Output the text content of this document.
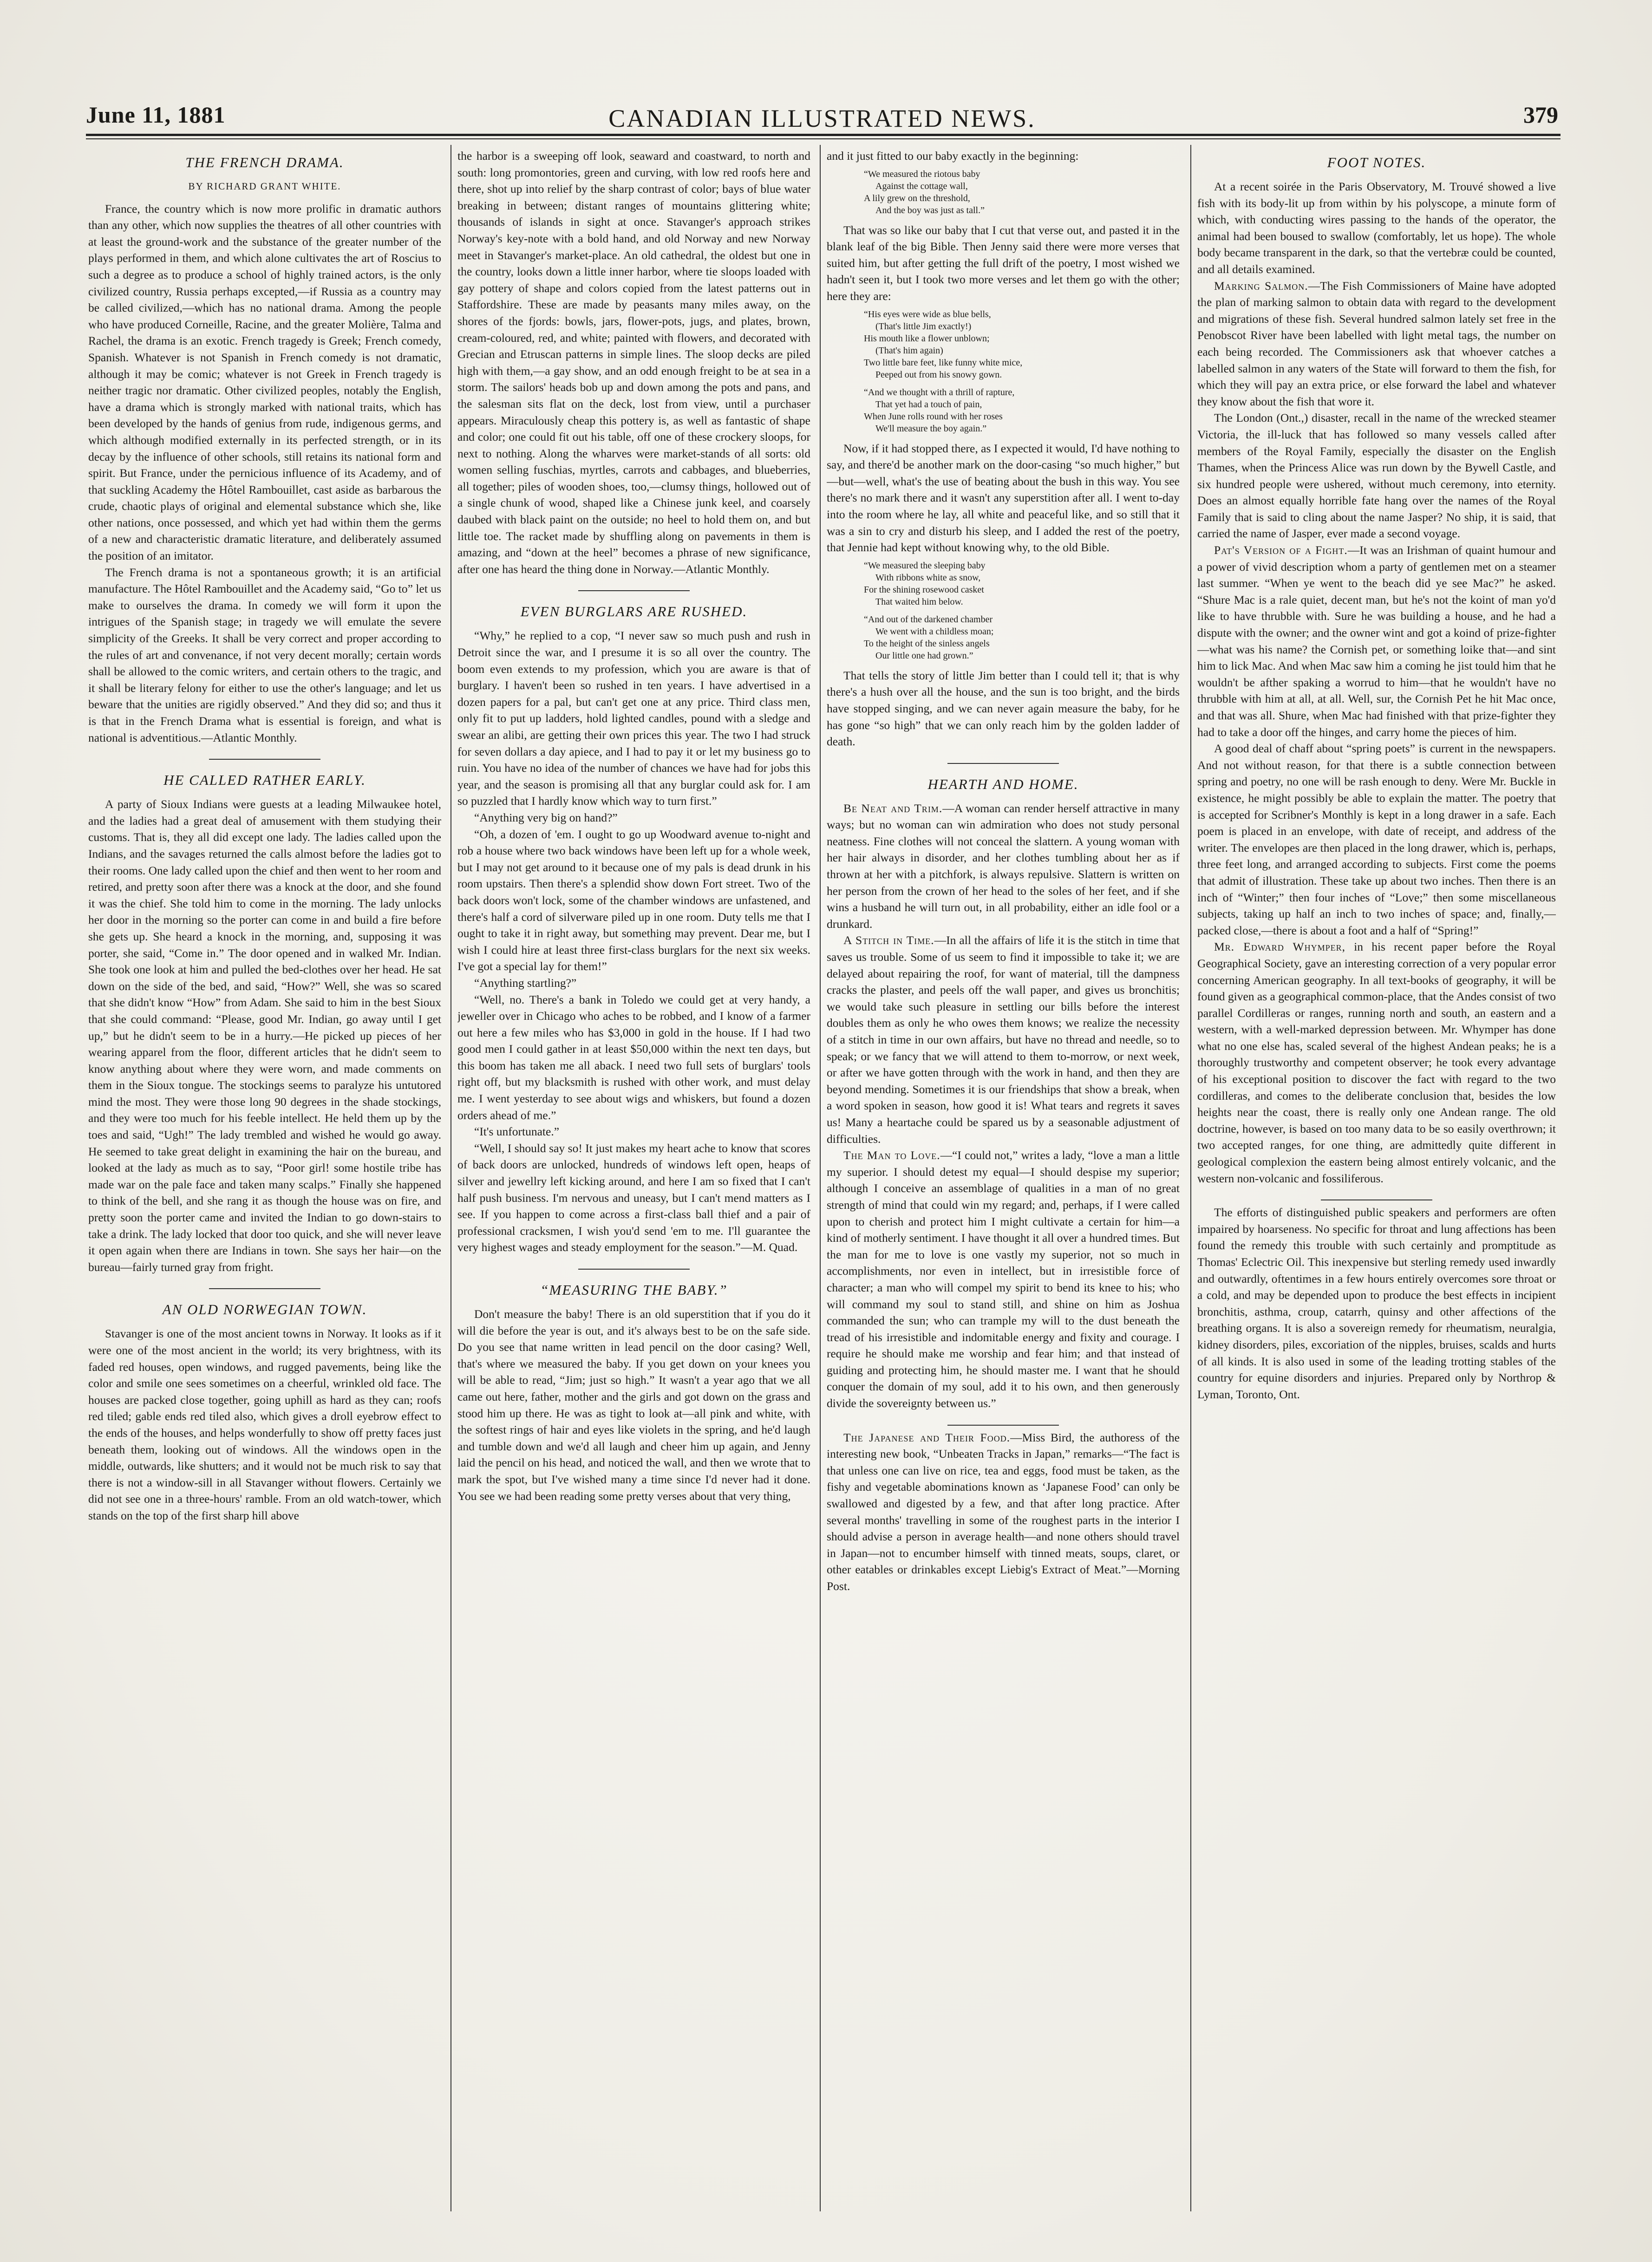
June 11, 1881	CANADIAN ILLUSTRATED NEWS.	379
THE FRENCH DRAMA.

BY RICHARD GRANT WHITE.

France, the country which is now more prolific in dramatic authors than any other, which now supplies the theatres of all other countries with at least the ground-work and the substance of the greater number of the plays performed in them, and which alone cultivates the art of Roscius to such a degree as to produce a school of highly trained actors, is the only civilized country, Russia perhaps excepted,—if Russia as a country may be called civilized,—which has no national drama. Among the people who have produced Corneille, Racine, and the greater Molière, Talma and Rachel, the drama is an exotic. French tragedy is Greek; French comedy, Spanish. Whatever is not Spanish in French comedy is not dramatic, although it may be comic; whatever is not Greek in French tragedy is neither tragic nor dramatic. Other civilized peoples, notably the English, have a drama which is strongly marked with national traits, which has been developed by the hands of genius from rude, indigenous germs, and which although modified externally in its perfected strength, or in its decay by the influence of other schools, still retains its national form and spirit. But France, under the pernicious influence of its Academy, and of that suckling Academy the Hôtel Rambouillet, cast aside as barbarous the crude, chaotic plays of original and elemental substance which she, like other nations, once possessed, and which yet had within them the germs of a new and characteristic dramatic literature, and deliberately assumed the position of an imitator.

The French drama is not a spontaneous growth; it is an artificial manufacture. The Hôtel Rambouillet and the Academy said, “Go to” let us make to ourselves the drama. In comedy we will form it upon the intrigues of the Spanish stage; in tragedy we will emulate the severe simplicity of the Greeks. It shall be very correct and proper according to the rules of art and convenance, if not very decent morally; certain words shall be allowed to the comic writers, and certain others to the tragic, and it shall be literary felony for either to use the other's language; and let us beware that the unities are rigidly observed.” And they did so; and thus it is that in the French Drama what is essential is foreign, and what is national is adventitious.—Atlantic Monthly.

HE CALLED RATHER EARLY.

A party of Sioux Indians were guests at a leading Milwaukee hotel, and the ladies had a great deal of amusement with them studying their customs. That is, they all did except one lady. The ladies called upon the Indians, and the savages returned the calls almost before the ladies got to their rooms. One lady called upon the chief and then went to her room and retired, and pretty soon after there was a knock at the door, and she found it was the chief. She told him to come in the morning. The lady unlocks her door in the morning so the porter can come in and build a fire before she gets up. She heard a knock in the morning, and, supposing it was porter, she said, “Come in.” The door opened and in walked Mr. Indian. She took one look at him and pulled the bed-clothes over her head. He sat down on the side of the bed, and said, “How?” Well, she was so scared that she didn't know “How” from Adam. She said to him in the best Sioux that she could command: “Please, good Mr. Indian, go away until I get up,” but he didn't seem to be in a hurry.—He picked up pieces of her wearing apparel from the floor, different articles that he didn't seem to know anything about where they were worn, and made comments on them in the Sioux tongue. The stockings seems to paralyze his untutored mind the most. They were those long 90 degrees in the shade stockings, and they were too much for his feeble intellect. He held them up by the toes and said, “Ugh!” The lady trembled and wished he would go away. He seemed to take great delight in examining the hair on the bureau, and looked at the lady as much as to say, “Poor girl! some hostile tribe has made war on the pale face and taken many scalps.” Finally she happened to think of the bell, and she rang it as though the house was on fire, and pretty soon the porter came and invited the Indian to go down-stairs to take a drink. The lady locked that door too quick, and she will never leave it open again when there are Indians in town. She says her hair—on the bureau—fairly turned gray from fright.

AN OLD NORWEGIAN TOWN.

Stavanger is one of the most ancient towns in Norway. It looks as if it were one of the most ancient in the world; its very brightness, with its faded red houses, open windows, and rugged pavements, being like the color and smile one sees sometimes on a cheerful, wrinkled old face. The houses are packed close together, going uphill as hard as they can; roofs red tiled; gable ends red tiled also, which gives a droll eyebrow effect to the ends of the houses, and helps wonderfully to show off pretty faces just beneath them, looking out of windows. All the windows open in the middle, outwards, like shutters; and it would not be much risk to say that there is not a window-sill in all Stavanger without flowers. Certainly we did not see one in a three-hours' ramble. From an old watch-tower, which stands on the top of the first sharp hill above

the harbor is a sweeping off look, seaward and coastward, to north and south: long promontories, green and curving, with low red roofs here and there, shot up into relief by the sharp contrast of color; bays of blue water breaking in between; distant ranges of mountains glittering white; thousands of islands in sight at once. Stavanger's approach strikes Norway's key-note with a bold hand, and old Norway and new Norway meet in Stavanger's market-place. An old cathedral, the oldest but one in the country, looks down a little inner harbor, where tie sloops loaded with gay pottery of shape and colors copied from the latest patterns out in Staffordshire. These are made by peasants many miles away, on the shores of the fjords: bowls, jars, flower-pots, jugs, and plates, brown, cream-coloured, red, and white; painted with flowers, and decorated with Grecian and Etruscan patterns in simple lines. The sloop decks are piled high with them,—a gay show, and an odd enough freight to be at sea in a storm. The sailors' heads bob up and down among the pots and pans, and the salesman sits flat on the deck, lost from view, until a purchaser appears. Miraculously cheap this pottery is, as well as fantastic of shape and color; one could fit out his table, off one of these crockery sloops, for next to nothing. Along the wharves were market-stands of all sorts: old women selling fuschias, myrtles, carrots and cabbages, and blueberries, all together; piles of wooden shoes, too,—clumsy things, hollowed out of a single chunk of wood, shaped like a Chinese junk keel, and coarsely daubed with black paint on the outside; no heel to hold them on, and but little toe. The racket made by shuffling along on pavements in them is amazing, and “down at the heel” becomes a phrase of new significance, after one has heard the thing done in Norway.—Atlantic Monthly.

EVEN BURGLARS ARE RUSHED.

“Why,” he replied to a cop, “I never saw so much push and rush in Detroit since the war, and I presume it is so all over the country. The boom even extends to my profession, which you are aware is that of burglary. I haven't been so rushed in ten years. I have advertised in a dozen papers for a pal, but can't get one at any price. Third class men, only fit to put up ladders, hold lighted candles, pound with a sledge and swear an alibi, are getting their own prices this year. The two I had struck for seven dollars a day apiece, and I had to pay it or let my business go to ruin. You have no idea of the number of chances we have had for jobs this year, and the season is promising all that any burglar could ask for. I am so puzzled that I hardly know which way to turn first.”

“Anything very big on hand?”

“Oh, a dozen of 'em. I ought to go up Woodward avenue to-night and rob a house where two back windows have been left up for a whole week, but I may not get around to it because one of my pals is dead drunk in his room upstairs. Then there's a splendid show down Fort street. Two of the back doors won't lock, some of the chamber windows are unfastened, and there's half a cord of silverware piled up in one room. Duty tells me that I ought to take it in right away, but something may prevent. Dear me, but I wish I could hire at least three first-class burglars for the next six weeks. I've got a special lay for them!”

“Anything startling?”

“Well, no. There's a bank in Toledo we could get at very handy, a jeweller over in Chicago who aches to be robbed, and I know of a farmer out here a few miles who has $3,000 in gold in the house. If I had two good men I could gather in at least $50,000 within the next ten days, but this boom has taken me all aback. I need two full sets of burglars' tools right off, but my blacksmith is rushed with other work, and must delay me. I went yesterday to see about wigs and whiskers, but found a dozen orders ahead of me.”

“It's unfortunate.”

“Well, I should say so! It just makes my heart ache to know that scores of back doors are unlocked, hundreds of windows left open, heaps of silver and jewellry left kicking around, and here I am so fixed that I can't half push business. I'm nervous and uneasy, but I can't mend matters as I see. If you happen to come across a first-class ball thief and a pair of professional cracksmen, I wish you'd send 'em to me. I'll guarantee the very highest wages and steady employment for the season.”—M. Quad.

“MEASURING THE BABY.”

Don't measure the baby! There is an old superstition that if you do it will die before the year is out, and it's always best to be on the safe side. Do you see that name written in lead pencil on the door casing? Well, that's where we measured the baby. If you get down on your knees you will be able to read, “Jim; just so high.” It wasn't a year ago that we all came out here, father, mother and the girls and got down on the grass and stood him up there. He was as tight to look at—all pink and white, with the softest rings of hair and eyes like violets in the spring, and he'd laugh and tumble down and we'd all laugh and cheer him up again, and Jenny laid the pencil on his head, and noticed the wall, and then we wrote that to mark the spot, but I've wished many a time since I'd never had it done. You see we had been reading some pretty verses about that very thing,

and it just fitted to our baby exactly in the beginning:

“We measured the riotous baby
Against the cottage wall,
A lily grew on the threshold,
And the boy was just as tall.”

That was so like our baby that I cut that verse out, and pasted it in the blank leaf of the big Bible. Then Jenny said there were more verses that suited him, but after getting the full drift of the poetry, I most wished we hadn't seen it, but I took two more verses and let them go with the other; here they are:

“His eyes were wide as blue bells,
(That's little Jim exactly!)
His mouth like a flower unblown;
(That's him again)
Two little bare feet, like funny white mice,
Peeped out from his snowy gown.
“And we thought with a thrill of rapture,
That yet had a touch of pain,
When June rolls round with her roses
We'll measure the boy again.”

Now, if it had stopped there, as I expected it would, I'd have nothing to say, and there'd be another mark on the door-casing “so much higher,” but—but—well, what's the use of beating about the bush in this way. You see there's no mark there and it wasn't any superstition after all. I went to-day into the room where he lay, all white and peaceful like, and so still that it was a sin to cry and disturb his sleep, and I added the rest of the poetry, that Jennie had kept without knowing why, to the old Bible.

“We measured the sleeping baby
With ribbons white as snow,
For the shining rosewood casket
That waited him below.
“And out of the darkened chamber
We went with a childless moan;
To the height of the sinless angels
Our little one had grown.”

That tells the story of little Jim better than I could tell it; that is why there's a hush over all the house, and the sun is too bright, and the birds have stopped singing, and we can never again measure the baby, for he has gone “so high” that we can only reach him by the golden ladder of death.

HEARTH AND HOME.

Be Neat and Trim.—A woman can render herself attractive in many ways; but no woman can win admiration who does not study personal neatness. Fine clothes will not conceal the slattern. A young woman with her hair always in disorder, and her clothes tumbling about her as if thrown at her with a pitchfork, is always repulsive. Slattern is written on her person from the crown of her head to the soles of her feet, and if she wins a husband he will turn out, in all probability, either an idle fool or a drunkard.

A Stitch in Time.—In all the affairs of life it is the stitch in time that saves us trouble. Some of us seem to find it impossible to take it; we are delayed about repairing the roof, for want of material, till the dampness cracks the plaster, and peels off the wall paper, and gives us bronchitis; we would take such pleasure in settling our bills before the interest doubles them as only he who owes them knows; we realize the necessity of a stitch in time in our own affairs, but have no thread and needle, so to speak; or we fancy that we will attend to them to-morrow, or next week, or after we have gotten through with the work in hand, and then they are beyond mending. Sometimes it is our friendships that show a break, when a word spoken in season, how good it is! What tears and regrets it saves us! Many a heartache could be spared us by a seasonable adjustment of difficulties.

The Man to Love.—“I could not,” writes a lady, “love a man a little my superior. I should detest my equal—I should despise my superior; although I conceive an assemblage of qualities in a man of no great strength of mind that could win my regard; and, perhaps, if I were called upon to cherish and protect him I might cultivate a certain for him—a kind of motherly sentiment. I have thought it all over a hundred times. But the man for me to love is one vastly my superior, not so much in accomplishments, nor even in intellect, but in irresistible force of character; a man who will compel my spirit to bend its knee to his; who will command my soul to stand still, and shine on him as Joshua commanded the sun; who can trample my will to the dust beneath the tread of his irresistible and indomitable energy and fixity and courage. I require he should make me worship and fear him; and that instead of guiding and protecting him, he should master me. I want that he should conquer the domain of my soul, add it to his own, and then generously divide the sovereignty between us.”

The Japanese and Their Food.—Miss Bird, the authoress of the interesting new book, “Unbeaten Tracks in Japan,” remarks—“The fact is that unless one can live on rice, tea and eggs, food must be taken, as the fishy and vegetable abominations known as ‘Japanese Food’ can only be swallowed and digested by a few, and that after long practice. After several months' travelling in some of the roughest parts in the interior I should advise a person in average health—and none others should travel in Japan—not to encumber himself with tinned meats, soups, claret, or other eatables or drinkables except Liebig's Extract of Meat.”—Morning Post.

FOOT NOTES.

At a recent soirée in the Paris Observatory, M. Trouvé showed a live fish with its body-lit up from within by his polyscope, a minute form of which, with conducting wires passing to the hands of the operator, the animal had been boused to swallow (comfortably, let us hope). The whole body became transparent in the dark, so that the vertebræ could be counted, and all details examined.

Marking Salmon.—The Fish Commissioners of Maine have adopted the plan of marking salmon to obtain data with regard to the development and migrations of these fish. Several hundred salmon lately set free in the Penobscot River have been labelled with light metal tags, the number on each being recorded. The Commissioners ask that whoever catches a labelled salmon in any waters of the State will forward to them the fish, for which they will pay an extra price, or else forward the label and whatever they know about the fish that wore it.

The London (Ont.,) disaster, recall in the name of the wrecked steamer Victoria, the ill-luck that has followed so many vessels called after members of the Royal Family, especially the disaster on the English Thames, when the Princess Alice was run down by the Bywell Castle, and six hundred people were ushered, without much ceremony, into eternity. Does an almost equally horrible fate hang over the names of the Royal Family that is said to cling about the name Jasper? No ship, it is said, that carried the name of Jasper, ever made a second voyage.

Pat's Version of a Fight.—It was an Irishman of quaint humour and a power of vivid description whom a party of gentlemen met on a steamer last summer. “When ye went to the beach did ye see Mac?” he asked. “Shure Mac is a rale quiet, decent man, but he's not the koint of man yo'd like to have thrubble with. Sure he was building a house, and he had a dispute with the owner; and the owner wint and got a koind of prize-fighter—what was his name? the Cornish pet, or something loike that—and sint him to lick Mac. And when Mac saw him a coming he jist tould him that he wouldn't be afther spaking a worrud to him—that he wouldn't have no thrubble with him at all, at all. Well, sur, the Cornish Pet he hit Mac once, and that was all. Shure, when Mac had finished with that prize-fighter they had to take a door off the hinges, and carry home the pieces of him.

A good deal of chaff about “spring poets” is current in the newspapers. And not without reason, for that there is a subtle connection between spring and poetry, no one will be rash enough to deny. Were Mr. Buckle in existence, he might possibly be able to explain the matter. The poetry that is accepted for Scribner's Monthly is kept in a long drawer in a safe. Each poem is placed in an envelope, with date of receipt, and address of the writer. The envelopes are then placed in the long drawer, which is, perhaps, three feet long, and arranged according to subjects. First come the poems that admit of illustration. These take up about two inches. Then there is an inch of “Winter;” then four inches of “Love;” then some miscellaneous subjects, taking up half an inch to two inches of space; and, finally,—packed close,—there is about a foot and a half of “Spring!”

Mr. Edward Whymper, in his recent paper before the Royal Geographical Society, gave an interesting correction of a very popular error concerning American geography. In all text-books of geography, it will be found given as a geographical common-place, that the Andes consist of two parallel Cordilleras or ranges, running north and south, an eastern and a western, with a well-marked depression between. Mr. Whymper has done what no one else has, scaled several of the highest Andean peaks; he is a thoroughly trustworthy and competent observer; he took every advantage of his exceptional position to discover the fact with regard to the two cordilleras, and comes to the deliberate conclusion that, besides the low heights near the coast, there is really only one Andean range. The old doctrine, however, is based on too many data to be so easily overthrown; it two accepted ranges, for one thing, are admittedly quite different in geological complexion the eastern being almost entirely volcanic, and the western non-volcanic and fossiliferous.

The efforts of distinguished public speakers and performers are often impaired by hoarseness. No specific for throat and lung affections has been found the remedy this trouble with such certainly and promptitude as Thomas' Eclectric Oil. This inexpensive but sterling remedy used inwardly and outwardly, oftentimes in a few hours entirely overcomes sore throat or a cold, and may be depended upon to produce the best effects in incipient bronchitis, asthma, croup, catarrh, quinsy and other affections of the breathing organs. It is also a sovereign remedy for rheumatism, neuralgia, kidney disorders, piles, excoriation of the nipples, bruises, scalds and hurts of all kinds. It is also used in some of the leading trotting stables of the country for equine disorders and injuries. Prepared only by Northrop & Lyman, Toronto, Ont.
